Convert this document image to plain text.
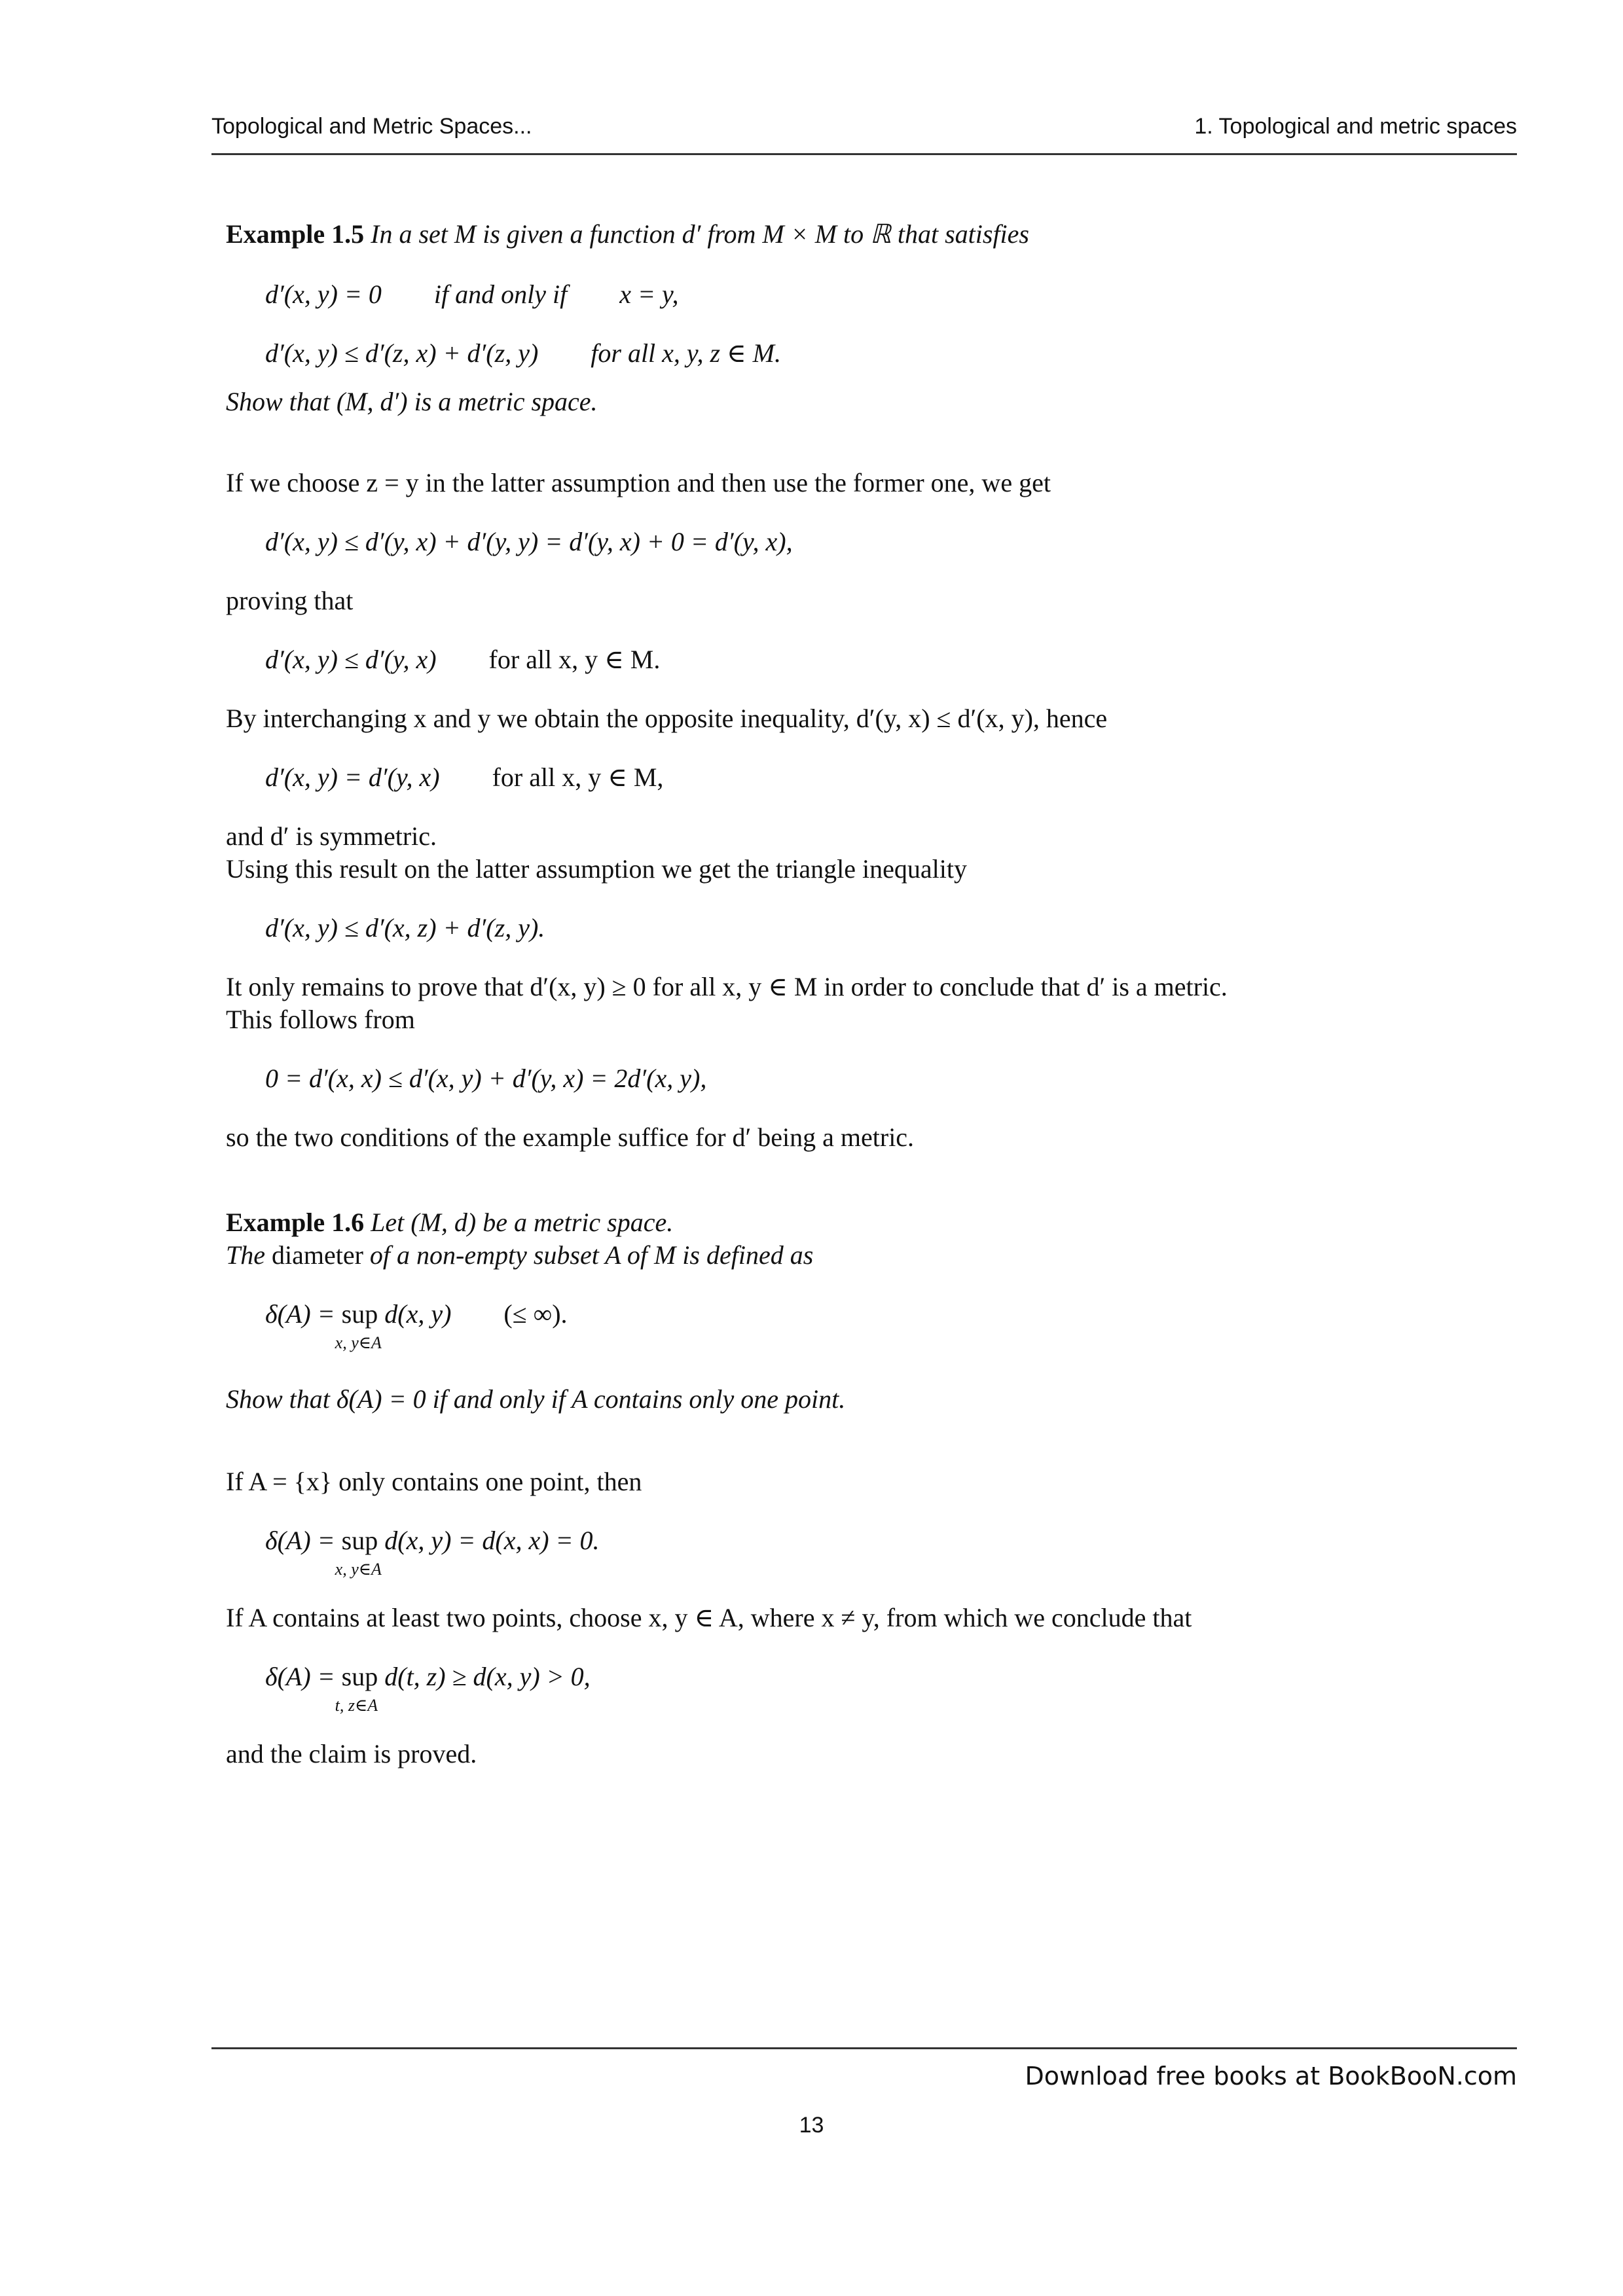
Topological and Metric Spaces...	1. Topological and metric spaces
Example 1.5 In a set M is given a function d′ from M × M to ℝ that satisfies
d′(x, y) = 0 if and only if x = y,
d′(x, y) ≤ d′(z, x) + d′(z, y) for all x, y, z ∈ M.
Show that (M, d′) is a metric space.
If we choose z = y in the latter assumption and then use the former one, we get
d′(x, y) ≤ d′(y, x) + d′(y, y) = d′(y, x) + 0 = d′(y, x),
proving that
d′(x, y) ≤ d′(y, x) for all x, y ∈ M.
By interchanging x and y we obtain the opposite inequality, d′(y, x) ≤ d′(x, y), hence
d′(x, y) = d′(y, x) for all x, y ∈ M,
and d′ is symmetric.
Using this result on the latter assumption we get the triangle inequality
d′(x, y) ≤ d′(x, z) + d′(z, y).
It only remains to prove that d′(x, y) ≥ 0 for all x, y ∈ M in order to conclude that d′ is a metric.
This follows from
0 = d′(x, x) ≤ d′(x, y) + d′(y, x) = 2d′(x, y),
so the two conditions of the example suffice for d′ being a metric.
Example 1.6 Let (M, d) be a metric space.
The diameter of a non-empty subset A of M is defined as
δ(A) = sup
x, y∈A
d(x, y) (≤ ∞).
Show that δ(A) = 0 if and only if A contains only one point.
If A = {x} only contains one point, then
δ(A) = sup
x, y∈A
d(x, y) = d(x, x) = 0.
If A contains at least two points, choose x, y ∈ A, where x ≠ y, from which we conclude that
δ(A) = sup
t, z∈A
d(t, z) ≥ d(x, y) > 0,
and the claim is proved.
Download free books at BookBooN.com
13
